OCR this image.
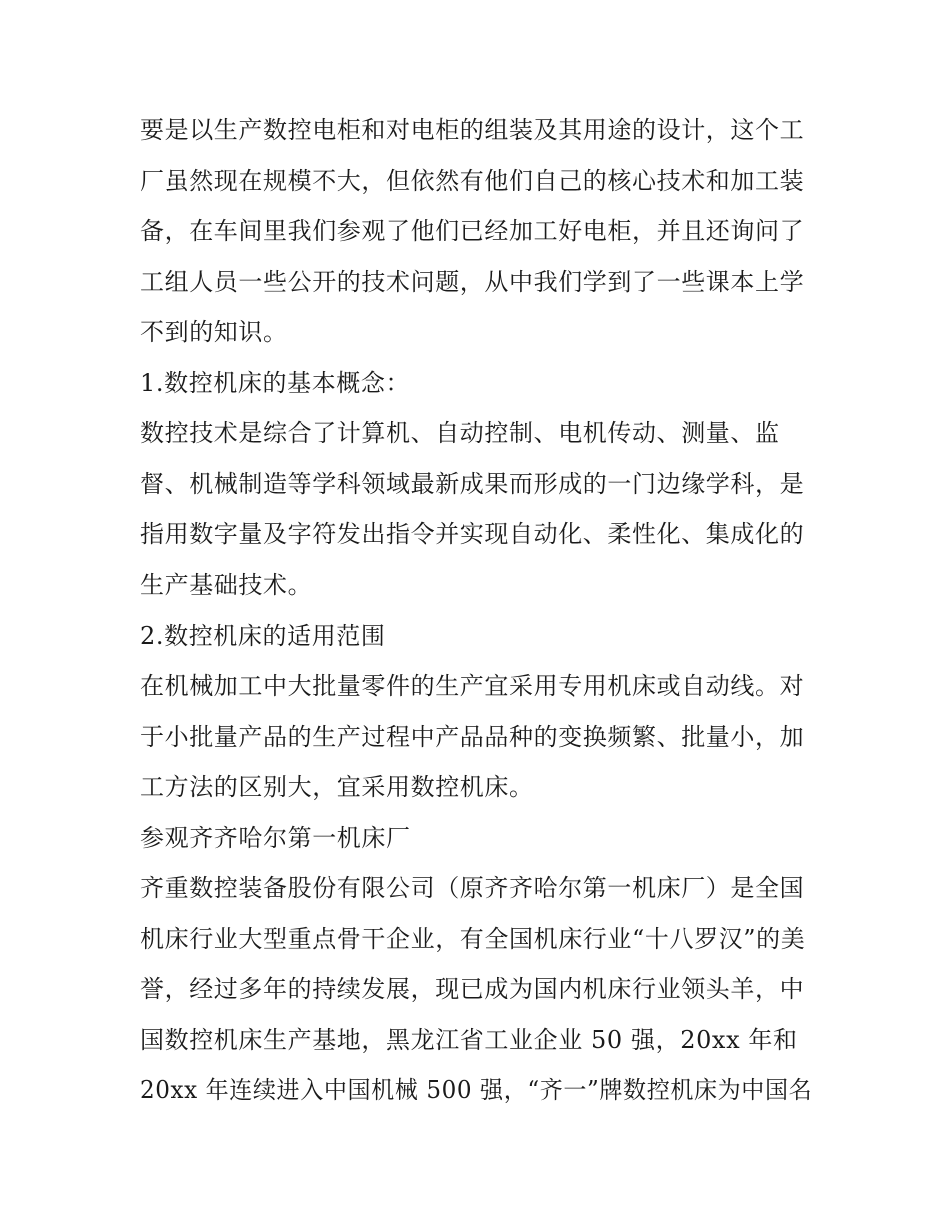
要是以生产数控电柜和对电柜的组装及其用途的设计，这个工

厂虽然现在规模不大，但依然有他们自己的核心技术和加工装

备，在车间里我们参观了他们已经加工好电柜，并且还询问了

工组人员一些公开的技术问题，从中我们学到了一些课本上学

不到的知识。

1.数控机床的基本概念：

数控技术是综合了计算机、自动控制、电机传动、测量、监

督、机械制造等学科领域最新成果而形成的一门边缘学科，是

指用数字量及字符发出指令并实现自动化、柔性化、集成化的

生产基础技术。

2.数控机床的适用范围

在机械加工中大批量零件的生产宜采用专用机床或自动线。对

于小批量产品的生产过程中产品品种的变换频繁、批量小，加

工方法的区别大，宜采用数控机床。

参观齐齐哈尔第一机床厂

齐重数控装备股份有限公司（原齐齐哈尔第一机床厂）是全国

机床行业大型重点骨干企业，有全国机床行业“十八罗汉”的美

誉，经过多年的持续发展，现已成为国内机床行业领头羊，中

国数控机床生产基地，黑龙江省工业企业 50 强，20xx 年和

20xx 年连续进入中国机械 500 强，“齐一”牌数控机床为中国名
